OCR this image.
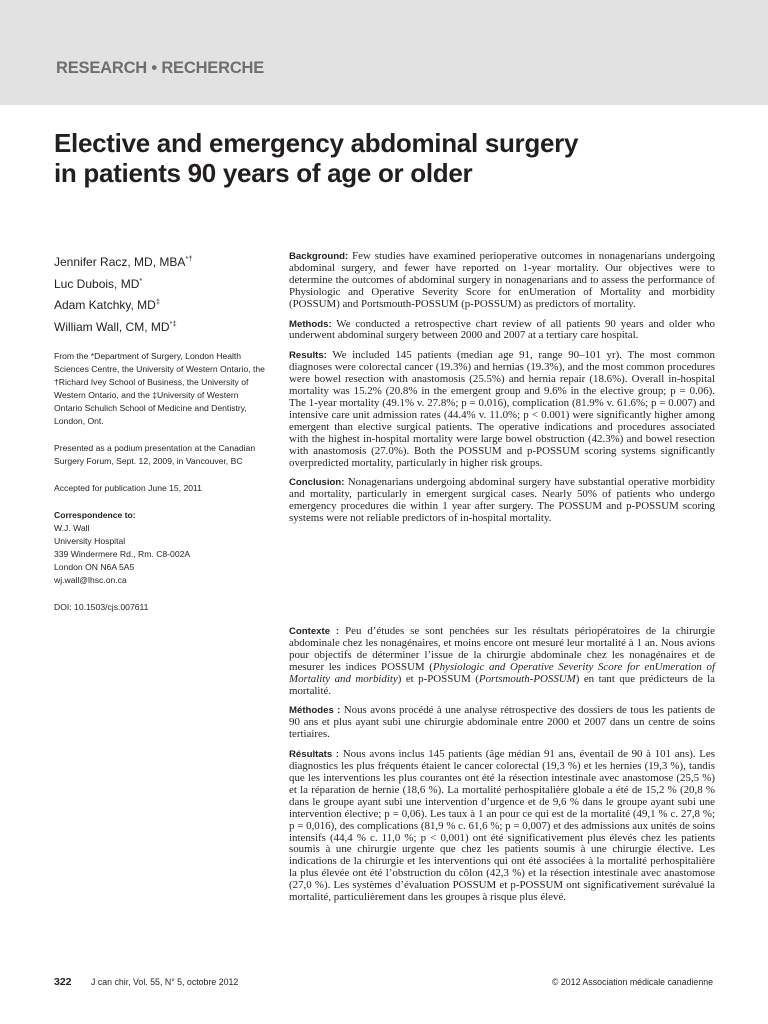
RESEARCH • RECHERCHE
Elective and emergency abdominal surgery
in patients 90 years of age or older
Jennifer Racz, MD, MBA*†
Luc Dubois, MD*
Adam Katchky, MD‡
William Wall, CM, MD*‡

From the *Department of Surgery, London Health Sciences Centre, the University of Western Ontario, the †Richard Ivey School of Business, the University of Western Ontario, and the ‡University of Western Ontario Schulich School of Medicine and Dentistry, London, Ont.

Presented as a podium presentation at the Canadian Surgery Forum, Sept. 12, 2009, in Vancouver, BC

Accepted for publication June 15, 2011

Correspondence to:

W.J. Wall

University Hospital

339 Windermere Rd., Rm. C8-002A

London ON N6A 5A5

wj.wall@lhsc.on.ca

DOI: 10.1503/cjs.007611

Background: Few studies have examined perioperative outcomes in nonagenarians undergoing abdominal surgery, and fewer have reported on 1-year mortality. Our objectives were to determine the outcomes of abdominal surgery in nonagenarians and to assess the performance of Physiologic and Operative Severity Score for enUmeration of Mortality and morbidity (POSSUM) and Portsmouth-POSSUM (p-POSSUM) as predictors of mortality.

Methods: We conducted a retrospective chart review of all patients 90 years and older who underwent abdominal surgery between 2000 and 2007 at a tertiary care hospital.

Results: We included 145 patients (median age 91, range 90–101 yr). The most common diagnoses were colorectal cancer (19.3%) and hernias (19.3%), and the most common procedures were bowel resection with anastomosis (25.5%) and hernia repair (18.6%). Overall in-hospital mortality was 15.2% (20.8% in the emergent group and 9.6% in the elective group; p = 0.06). The 1-year mortality (49.1% v. 27.8%; p = 0.016), complication (81.9% v. 61.6%; p = 0.007) and intensive care unit admission rates (44.4% v. 11.0%; p < 0.001) were significantly higher among emergent than elective surgical patients. The operative indications and procedures associated with the highest in-hospital mortality were large bowel obstruction (42.3%) and bowel resection with anastomosis (27.0%). Both the POSSUM and p-POSSUM scoring systems significantly overpredicted mortality, particularly in higher risk groups.

Conclusion: Nonagenarians undergoing abdominal surgery have substantial operative morbidity and mortality, particularly in emergent surgical cases. Nearly 50% of patients who undergo emergency procedures die within 1 year after surgery. The POSSUM and p-POSSUM scoring systems were not reliable predictors of in-hospital mortality.

Contexte : Peu d’études se sont penchées sur les résultats périopératoires de la chirurgie abdominale chez les nonagénaires, et moins encore ont mesuré leur mortalité à 1 an. Nous avions pour objectifs de déterminer l’issue de la chirurgie abdominale chez les nonagénaires et de mesurer les indices POSSUM (Physiologic and Operative Severity Score for enUmeration of Mortality and morbidity) et p-POSSUM (Portsmouth-POSSUM) en tant que prédicteurs de la mortalité.

Méthodes : Nous avons procédé à une analyse rétrospective des dossiers de tous les patients de 90 ans et plus ayant subi une chirurgie abdominale entre 2000 et 2007 dans un centre de soins tertiaires.

Résultats : Nous avons inclus 145 patients (âge médian 91 ans, éventail de 90 à 101 ans). Les diagnostics les plus fréquents étaient le cancer colorectal (19,3 %) et les hernies (19,3 %), tandis que les interventions les plus courantes ont été la résection intestinale avec anastomose (25,5 %) et la réparation de hernie (18,6 %). La mortalité perhospitalière globale a été de 15,2 % (20,8 % dans le groupe ayant subi une intervention d’urgence et de 9,6 % dans le groupe ayant subi une intervention élective; p = 0,06). Les taux à 1 an pour ce qui est de la mortalité (49,1 % c. 27,8 %; p = 0,016), des complications (81,9 % c. 61,6 %; p = 0,007) et des admissions aux unités de soins intensifs (44,4 % c. 11,0 %; p < 0,001) ont été significativement plus élevés chez les patients soumis à une chirurgie urgente que chez les patients soumis à une chirurgie élective. Les indications de la chirurgie et les interventions qui ont été associées à la mortalité perhospitalière la plus élevée ont été l’obstruction du côlon (42,3 %) et la résection intestinale avec anastomose (27,0 %). Les systèmes d’évaluation POSSUM et p-POSSUM ont significativement surévalué la mortalité, particulièrement dans les groupes à risque plus élevé.

322 J can chir, Vol. 55, N° 5, octobre 2012	© 2012 Association médicale canadienne
